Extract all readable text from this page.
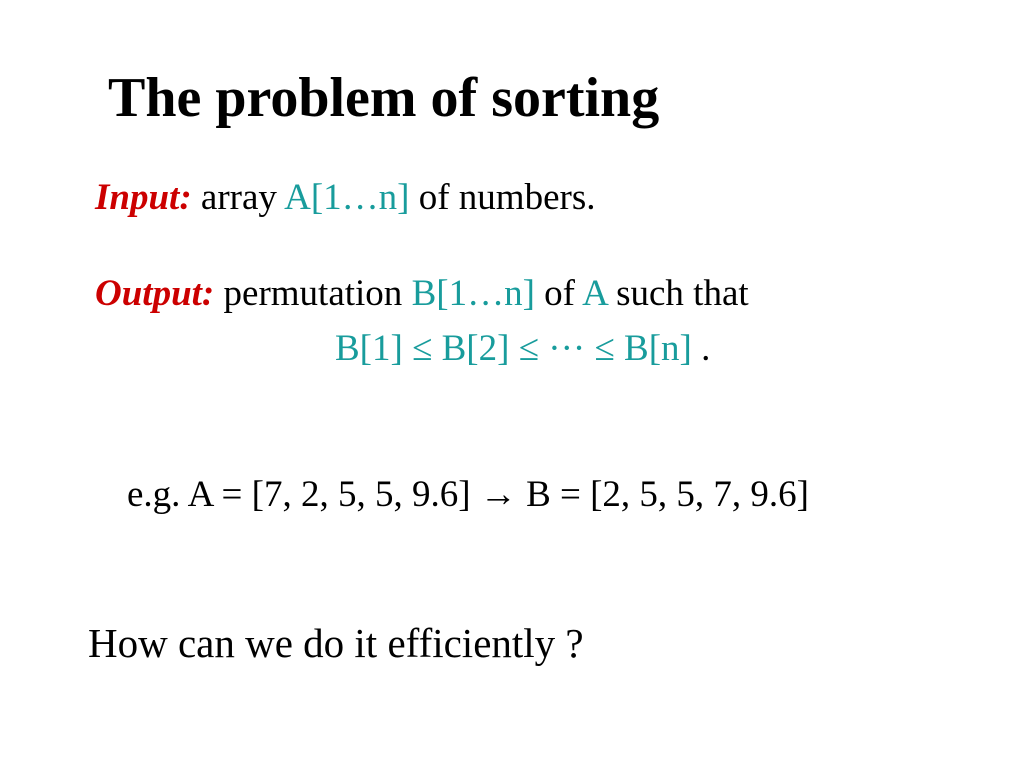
The problem of sorting
Input: array A[1…n] of numbers.
Output: permutation B[1…n] of A such that
B[1] ≤ B[2] ≤ ··· ≤ B[n] .
e.g. A = [7, 2, 5, 5, 9.6] → B = [2, 5, 5, 7, 9.6]
How can we do it efficiently ?
